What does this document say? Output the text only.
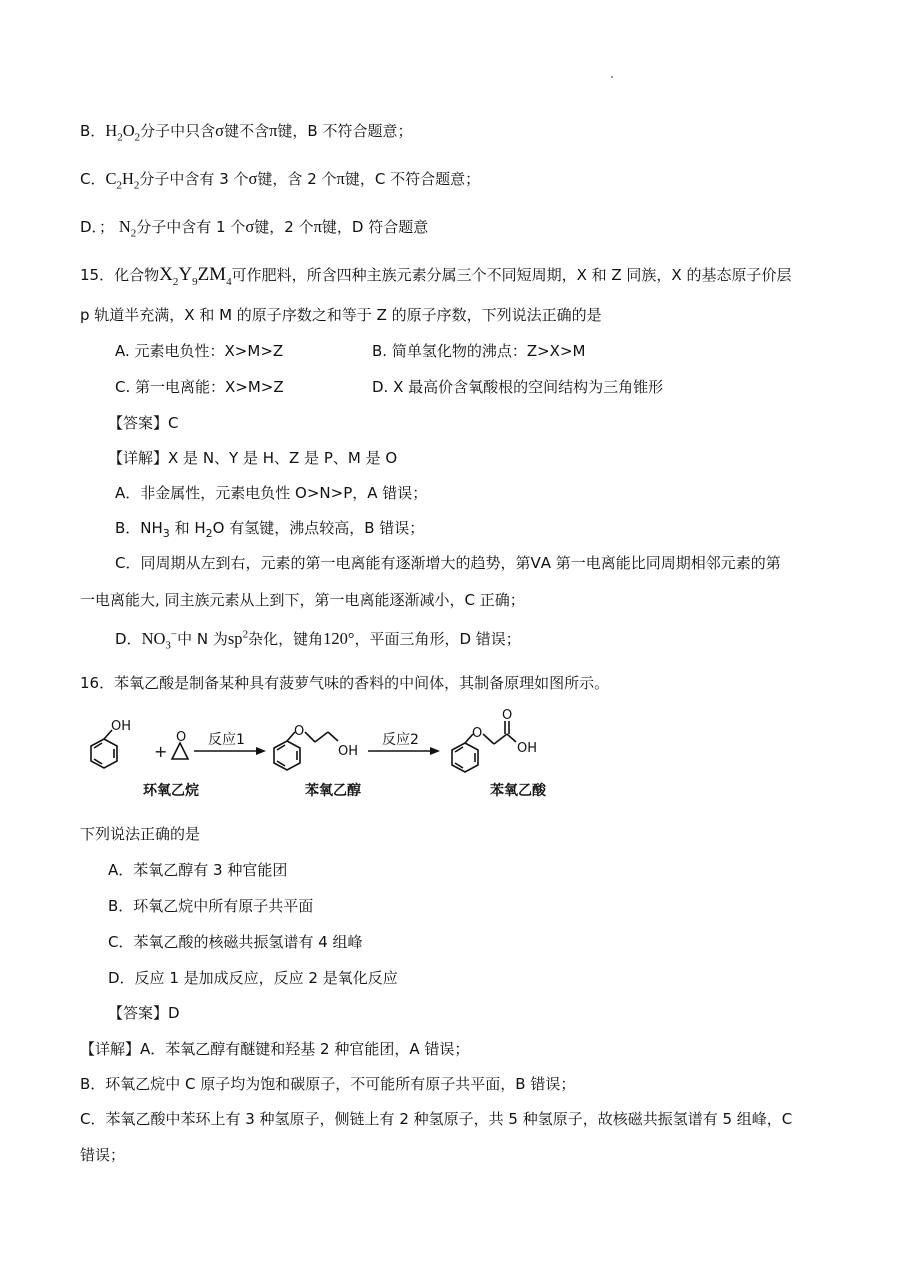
B．$H_2O_2$分子中只含σ键不含π键，B 不符合题意；
C．$C_2H_2$分子中含有 3 个σ键，含 2 个π键，C 不符合题意；
D．； $N_2$分子中含有 1 个σ键，2 个π键，D 符合题意
15．化合物$X_2Y_9ZM_4$可作肥料，所含四种主族元素分属三个不同短周期，X 和 Z 同族，X 的基态原子价层
p 轨道半充满，X 和 M 的原子序数之和等于 Z 的原子序数，下列说法正确的是
A. 元素电负性：X>M>Z	B. 简单氢化物的沸点：Z>X>M
C. 第一电离能：X>M>Z	D. X 最高价含氧酸根的空间结构为三角锥形
【答案】C
【详解】X 是 N、Y 是 H、Z 是 P、M 是 O
A．非金属性，元素电负性 O>N>P，A 错误；
B．$NH_3$ 和 $H_2O$ 有氢键，沸点较高，B 错误；
C．同周期从左到右，元素的第一电离能有逐渐增大的趋势，第ⅤA 第一电离能比同周期相邻元素的第
一电离能大, 同主族元素从上到下，第一电离能逐渐减小，C 正确；
D．$NO_3^-$中 N 为$sp^2$杂化，键角120°，平面三角形，D 错误；
16．苯氧乙酸是制备某种具有菠萝气味的香料的中间体，其制备原理如图所示。
OH
+
O 反应1
O
OH
反应2	O
O
OH
环氧乙烷	苯氧乙醇	苯氧乙酸
下列说法正确的是
A．苯氧乙醇有 3 种官能团
B．环氧乙烷中所有原子共平面
C．苯氧乙酸的核磁共振氢谱有 4 组峰
D．反应 1 是加成反应，反应 2 是氧化反应
【答案】D
【详解】A．苯氧乙醇有醚键和羟基 2 种官能团，A 错误；
B．环氧乙烷中 C 原子均为饱和碳原子，不可能所有原子共平面，B 错误；
C．苯氧乙酸中苯环上有 3 种氢原子，侧链上有 2 种氢原子，共 5 种氢原子，故核磁共振氢谱有 5 组峰，C
错误；
